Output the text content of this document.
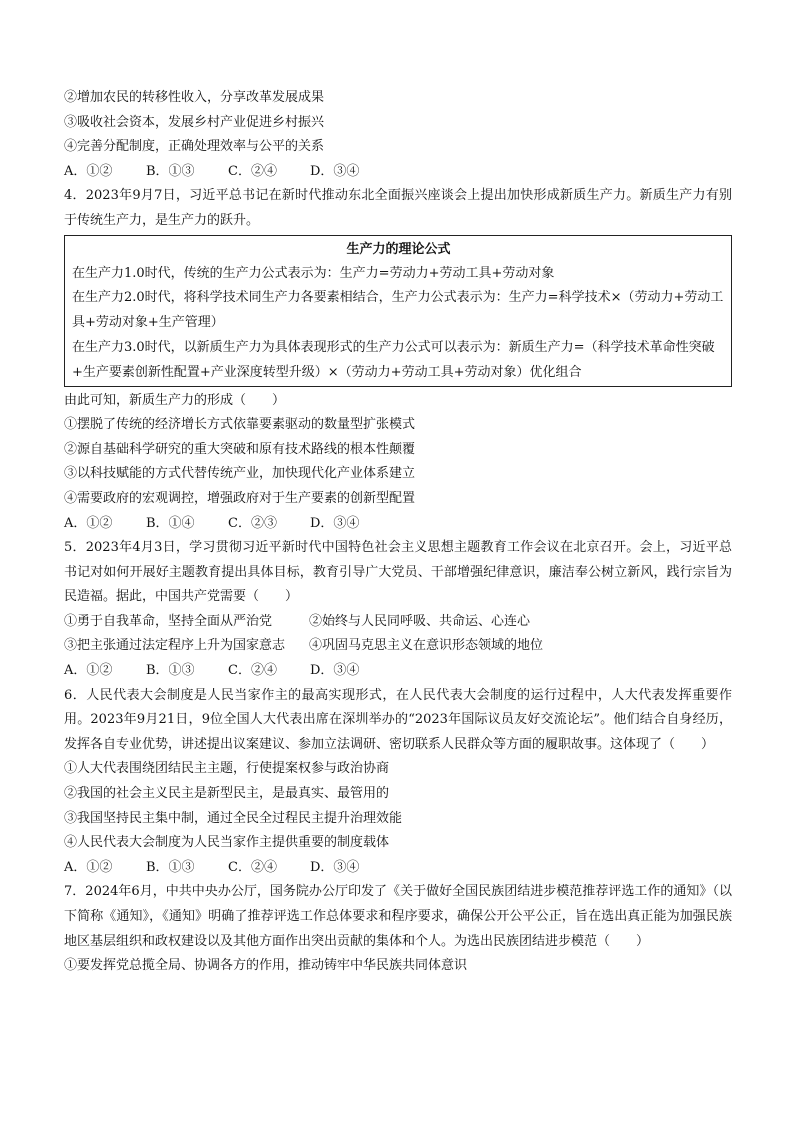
②增加农民的转移性收入，分享改革发展成果
③吸收社会资本，发展乡村产业促进乡村振兴
④完善分配制度，正确处理效率与公平的关系
A．①②	B．①③	C．②④	D．③④
4．2023年9月7日，习近平总书记在新时代推动东北全面振兴座谈会上提出加快形成新质生产力。新质生产力有别于传统生产力，是生产力的跃升。
生产力的理论公式
在生产力1.0时代，传统的生产力公式表示为：生产力=劳动力+劳动工具+劳动对象
在生产力2.0时代，将科学技术同生产力各要素相结合，生产力公式表示为：生产力=科学技术×（劳动力+劳动工具+劳动对象+生产管理）
在生产力3.0时代，以新质生产力为具体表现形式的生产力公式可以表示为：新质生产力=（科学技术革命性突破+生产要素创新性配置+产业深度转型升级）×（劳动力+劳动工具+劳动对象）优化组合
由此可知，新质生产力的形成（　　）
①摆脱了传统的经济增长方式依靠要素驱动的数量型扩张模式
②源自基础科学研究的重大突破和原有技术路线的根本性颠覆
③以科技赋能的方式代替传统产业，加快现代化产业体系建立
④需要政府的宏观调控，增强政府对于生产要素的创新型配置
A．①②	B．①④	C．②③	D．③④
5．2023年4月3日，学习贯彻习近平新时代中国特色社会主义思想主题教育工作会议在北京召开。会上，习近平总书记对如何开展好主题教育提出具体目标，教育引导广大党员、干部增强纪律意识，廉洁奉公树立新风，践行宗旨为民造福。据此，中国共产党需要（　　）
①勇于自我革命，坚持全面从严治党	②始终与人民同呼吸、共命运、心连心
③把主张通过法定程序上升为国家意志	④巩固马克思主义在意识形态领域的地位
A．①②	B．①③	C．②④	D．③④
6．人民代表大会制度是人民当家作主的最高实现形式，在人民代表大会制度的运行过程中，人大代表发挥重要作用。2023年9月21日，9位全国人大代表出席在深圳举办的“2023年国际议员友好交流论坛”。他们结合自身经历，发挥各自专业优势，讲述提出议案建议、参加立法调研、密切联系人民群众等方面的履职故事。这体现了（　　）
①人大代表围绕团结民主主题，行使提案权参与政治协商
②我国的社会主义民主是新型民主，是最真实、最管用的
③我国坚持民主集中制，通过全民全过程民主提升治理效能
④人民代表大会制度为人民当家作主提供重要的制度载体
A．①②	B．①③	C．②④	D．③④
7．2024年6月，中共中央办公厅，国务院办公厅印发了《关于做好全国民族团结进步模范推荐评选工作的通知》（以下简称《通知》，《通知》明确了推荐评选工作总体要求和程序要求，确保公开公平公正，旨在选出真正能为加强民族地区基层组织和政权建设以及其他方面作出突出贡献的集体和个人。为选出民族团结进步模范（　　）
①要发挥党总揽全局、协调各方的作用，推动铸牢中华民族共同体意识
